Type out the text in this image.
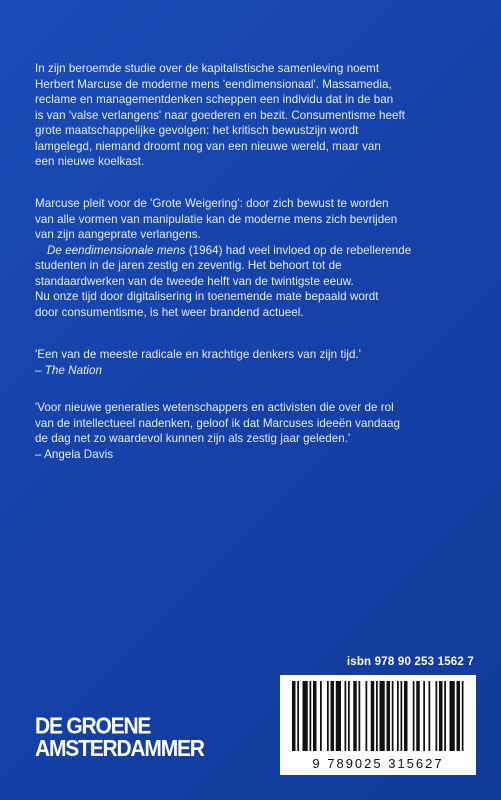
In zijn beroemde studie over de kapitalistische samenleving noemt

Herbert Marcuse de moderne mens 'eendimensionaal'. Massamedia,

reclame en managementdenken scheppen een individu dat in de ban

is van 'valse verlangens' naar goederen en bezit. Consumentisme heeft

grote maatschappelijke gevolgen: het kritisch bewustzijn wordt

lamgelegd, niemand droomt nog van een nieuwe wereld, maar van

een nieuwe koelkast.

Marcuse pleit voor de 'Grote Weigering': door zich bewust te worden

van alle vormen van manipulatie kan de moderne mens zich bevrijden

van zijn aangeprate verlangens.

De eendimensionale mens (1964) had veel invloed op de rebellerende

studenten in de jaren zestig en zeventig. Het behoort tot de

standaardwerken van de tweede helft van de twintigste eeuw.

Nu onze tijd door digitalisering in toenemende mate bepaald wordt

door consumentisme, is het weer brandend actueel.

'Een van de meeste radicale en krachtige denkers van zijn tijd.'

– The Nation

'Voor nieuwe generaties wetenschappers en activisten die over de rol

van de intellectueel nadenken, geloof ik dat Marcuses ideeën vandaag

de dag net zo waardevol kunnen zijn als zestig jaar geleden.'

– Angela Davis

isbn 978 90 253 1562 7
9 789025 315627
DE GROENE
AMSTERDAMMER
